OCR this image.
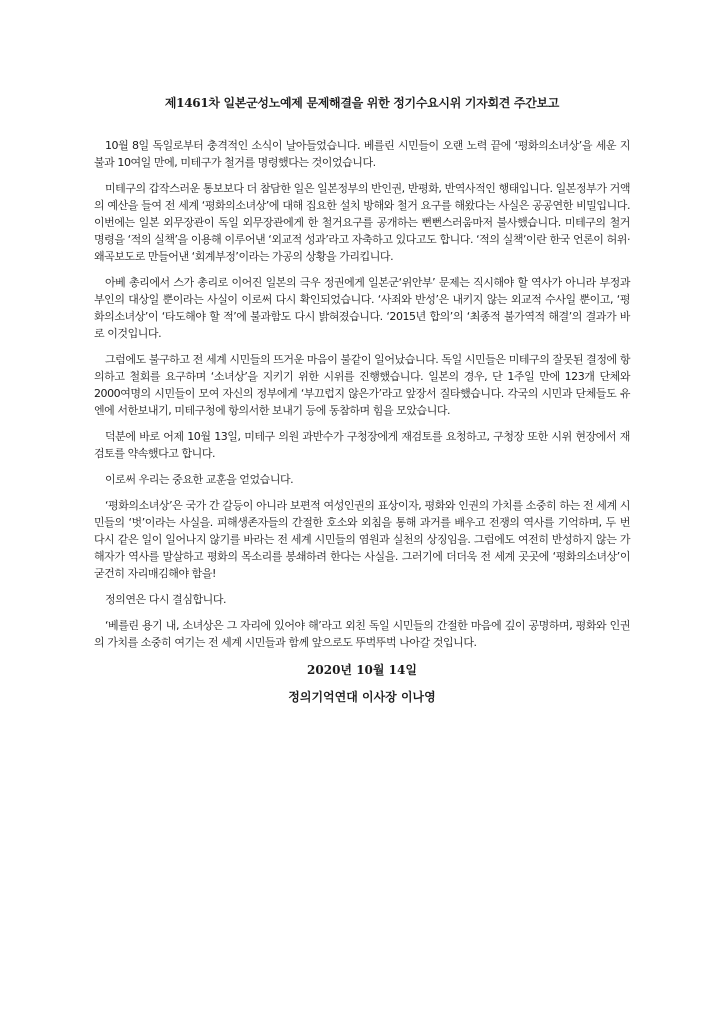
제1461차 일본군성노예제 문제해결을 위한 정기수요시위 기자회견 주간보고

10월 8일 독일로부터 충격적인 소식이 날아들었습니다. 베를린 시민들이 오랜 노력 끝에 ‘평화의소녀상’을 세운 지 불과 10여일 만에, 미테구가 철거를 명령했다는 것이었습니다.

미테구의 갑작스러운 통보보다 더 참담한 일은 일본정부의 반인권, 반평화, 반역사적인 행태입니다. 일본정부가 거액의 예산을 들여 전 세계 ‘평화의소녀상’에 대해 집요한 설치 방해와 철거 요구를 해왔다는 사실은 공공연한 비밀입니다. 이번에는 일본 외무장관이 독일 외무장관에게 한 철거요구를 공개하는 뻔뻔스러움마저 불사했습니다. 미테구의 철거 명령을 ‘적의 실책’을 이용해 이루어낸 ‘외교적 성과’라고 자축하고 있다고도 합니다. ‘적의 실책’이란 한국 언론이 허위·왜곡보도로 만들어낸 ‘회계부정’이라는 가공의 상황을 가리킵니다.

아베 총리에서 스가 총리로 이어진 일본의 극우 정권에게 일본군‘위안부’ 문제는 직시해야 할 역사가 아니라 부정과 부인의 대상일 뿐이라는 사실이 이로써 다시 확인되었습니다. ‘사죄와 반성’은 내키지 않는 외교적 수사일 뿐이고, ‘평화의소녀상’이 ‘타도해야 할 적’에 불과함도 다시 밝혀졌습니다. ‘2015년 합의’의 ‘최종적 불가역적 해결’의 결과가 바로 이것입니다.

그럼에도 불구하고 전 세계 시민들의 뜨거운 마음이 불같이 일어났습니다. 독일 시민들은 미테구의 잘못된 결정에 항의하고 철회를 요구하며 ‘소녀상’을 지키기 위한 시위를 진행했습니다. 일본의 경우, 단 1주일 만에 123개 단체와 2000여명의 시민들이 모여 자신의 정부에게 ‘부끄럽지 않은가’라고 앞장서 질타했습니다. 각국의 시민과 단체들도 유엔에 서한보내기, 미테구청에 항의서한 보내기 등에 동참하며 힘을 모았습니다.

덕분에 바로 어제 10월 13일, 미테구 의원 과반수가 구청장에게 재검토를 요청하고, 구청장 또한 시위 현장에서 재검토를 약속했다고 합니다.

이로써 우리는 중요한 교훈을 얻었습니다.

‘평화의소녀상’은 국가 간 갈등이 아니라 보편적 여성인권의 표상이자, 평화와 인권의 가치를 소중히 하는 전 세계 시민들의 ‘벗’이라는 사실을. 피해생존자들의 간절한 호소와 외침을 통해 과거를 배우고 전쟁의 역사를 기억하며, 두 번 다시 같은 일이 일어나지 않기를 바라는 전 세계 시민들의 염원과 실천의 상징임을. 그럼에도 여전히 반성하지 않는 가해자가 역사를 말살하고 평화의 목소리를 봉쇄하려 한다는 사실을. 그러기에 더더욱 전 세계 곳곳에 ‘평화의소녀상’이 굳건히 자리매김해야 함을!

정의연은 다시 결심합니다.

‘베를린 용기 내, 소녀상은 그 자리에 있어야 해’라고 외친 독일 시민들의 간절한 마음에 깊이 공명하며, 평화와 인권의 가치를 소중히 여기는 전 세계 시민들과 함께 앞으로도 뚜벅뚜벅 나아갈 것입니다.

2020년 10월 14일
정의기억연대 이사장 이나영
